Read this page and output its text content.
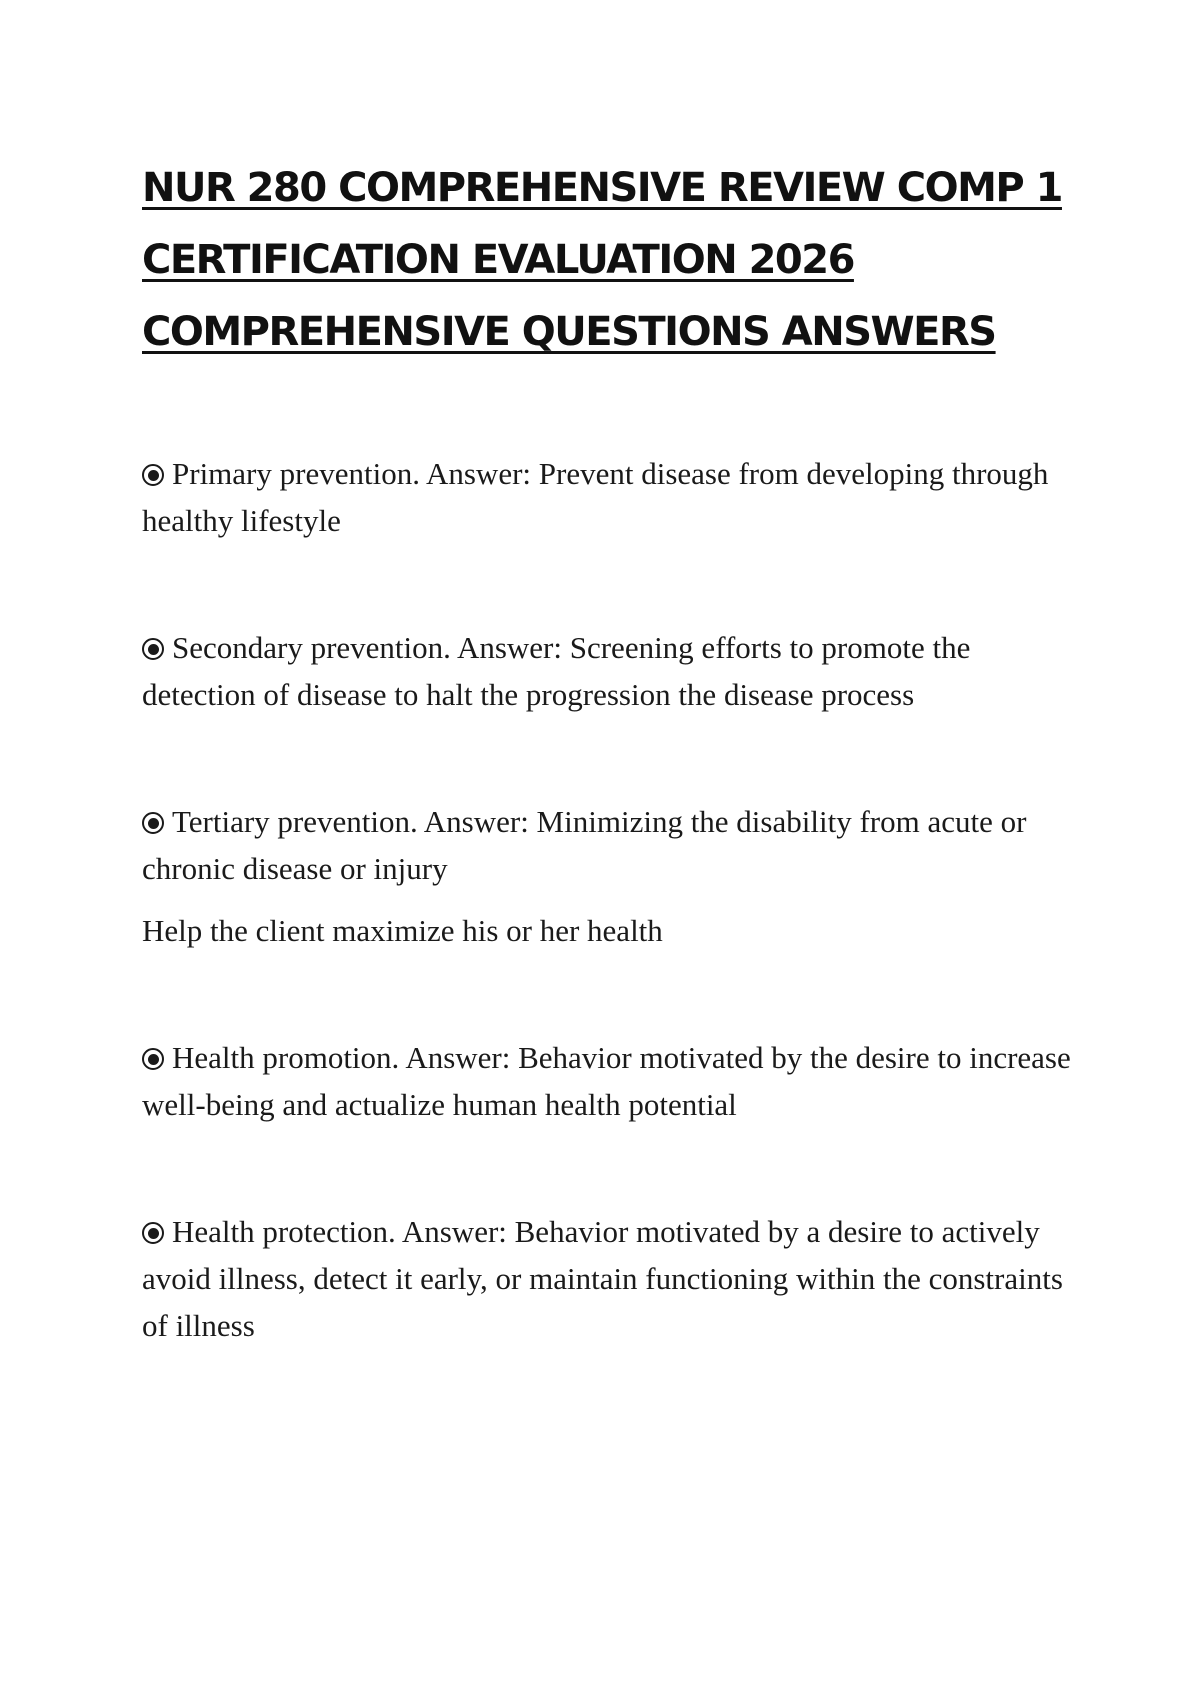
NUR 280 COMPREHENSIVE REVIEW COMP 1
CERTIFICATION EVALUATION 2026
COMPREHENSIVE QUESTIONS ANSWERS

Primary prevention. Answer: Prevent disease from developing through healthy lifestyle

Secondary prevention. Answer: Screening efforts to promote the detection of disease to halt the progression the disease process

Tertiary prevention. Answer: Minimizing the disability from acute or chronic disease or injury

Help the client maximize his or her health

Health promotion. Answer: Behavior motivated by the desire to increase well-being and actualize human health potential

Health protection. Answer: Behavior motivated by a desire to actively avoid illness, detect it early, or maintain functioning within the constraints of illness
